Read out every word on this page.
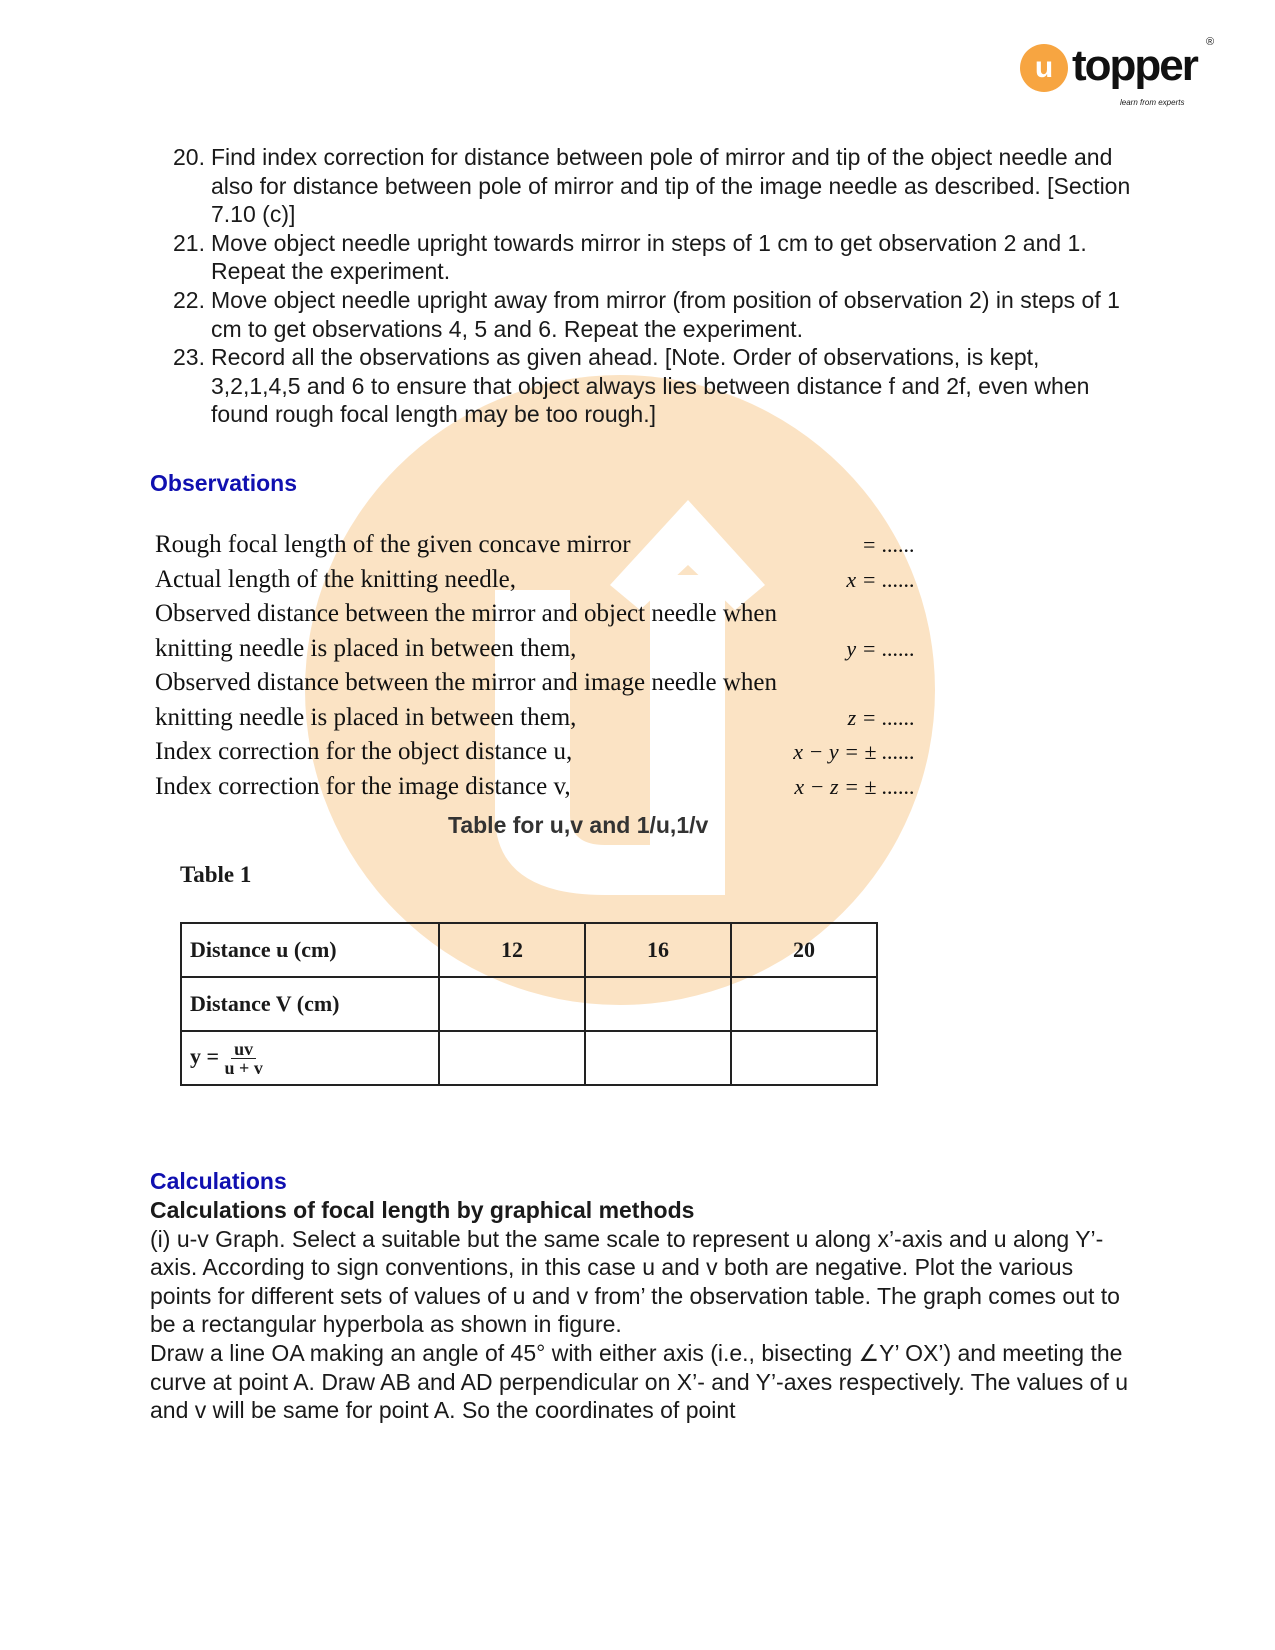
u topper ®
learn from experts
20. Find index correction for distance between pole of mirror and tip of the object needle and also for distance between pole of mirror and tip of the image needle as described. [Section 7.10 (c)]
21. Move object needle upright towards mirror in steps of 1 cm to get observation 2 and 1. Repeat the experiment.
22. Move object needle upright away from mirror (from position of observation 2) in steps of 1 cm to get observations 4, 5 and 6. Repeat the experiment.
23. Record all the observations as given ahead. [Note. Order of observations, is kept, 3,2,1,4,5 and 6 to ensure that object always lies between distance f and 2f, even when found rough focal length may be too rough.]
Observations
Rough focal length of the given concave mirror	= ......
Actual length of the knitting needle,	x = ......
Observed distance between the mirror and object needle when
knitting needle is placed in between them,	y = ......
Observed distance between the mirror and image needle when
knitting needle is placed in between them,	z = ......
Index correction for the object distance u,	x − y = ± ......
Index correction for the image distance v,	x − z = ± ......
Table for u,v and 1/u,1/v
Table 1
Distance u (cm)	12	16	20
Distance V (cm)			
$y = \frac{uv}{u + v}$

Calculations
Calculations of focal length by graphical methods
(i) u-v Graph. Select a suitable but the same scale to represent u along x’-axis and u along Y’-axis. According to sign conventions, in this case u and v both are negative. Plot the various points for different sets of values of u and v from’ the observation table. The graph comes out to be a rectangular hyperbola as shown in figure.
Draw a line OA making an angle of 45° with either axis (i.e., bisecting ∠Y’ OX’) and meeting the curve at point A. Draw AB and AD perpendicular on X’- and Y’-axes respectively. The values of u and v will be same for point A. So the coordinates of point
